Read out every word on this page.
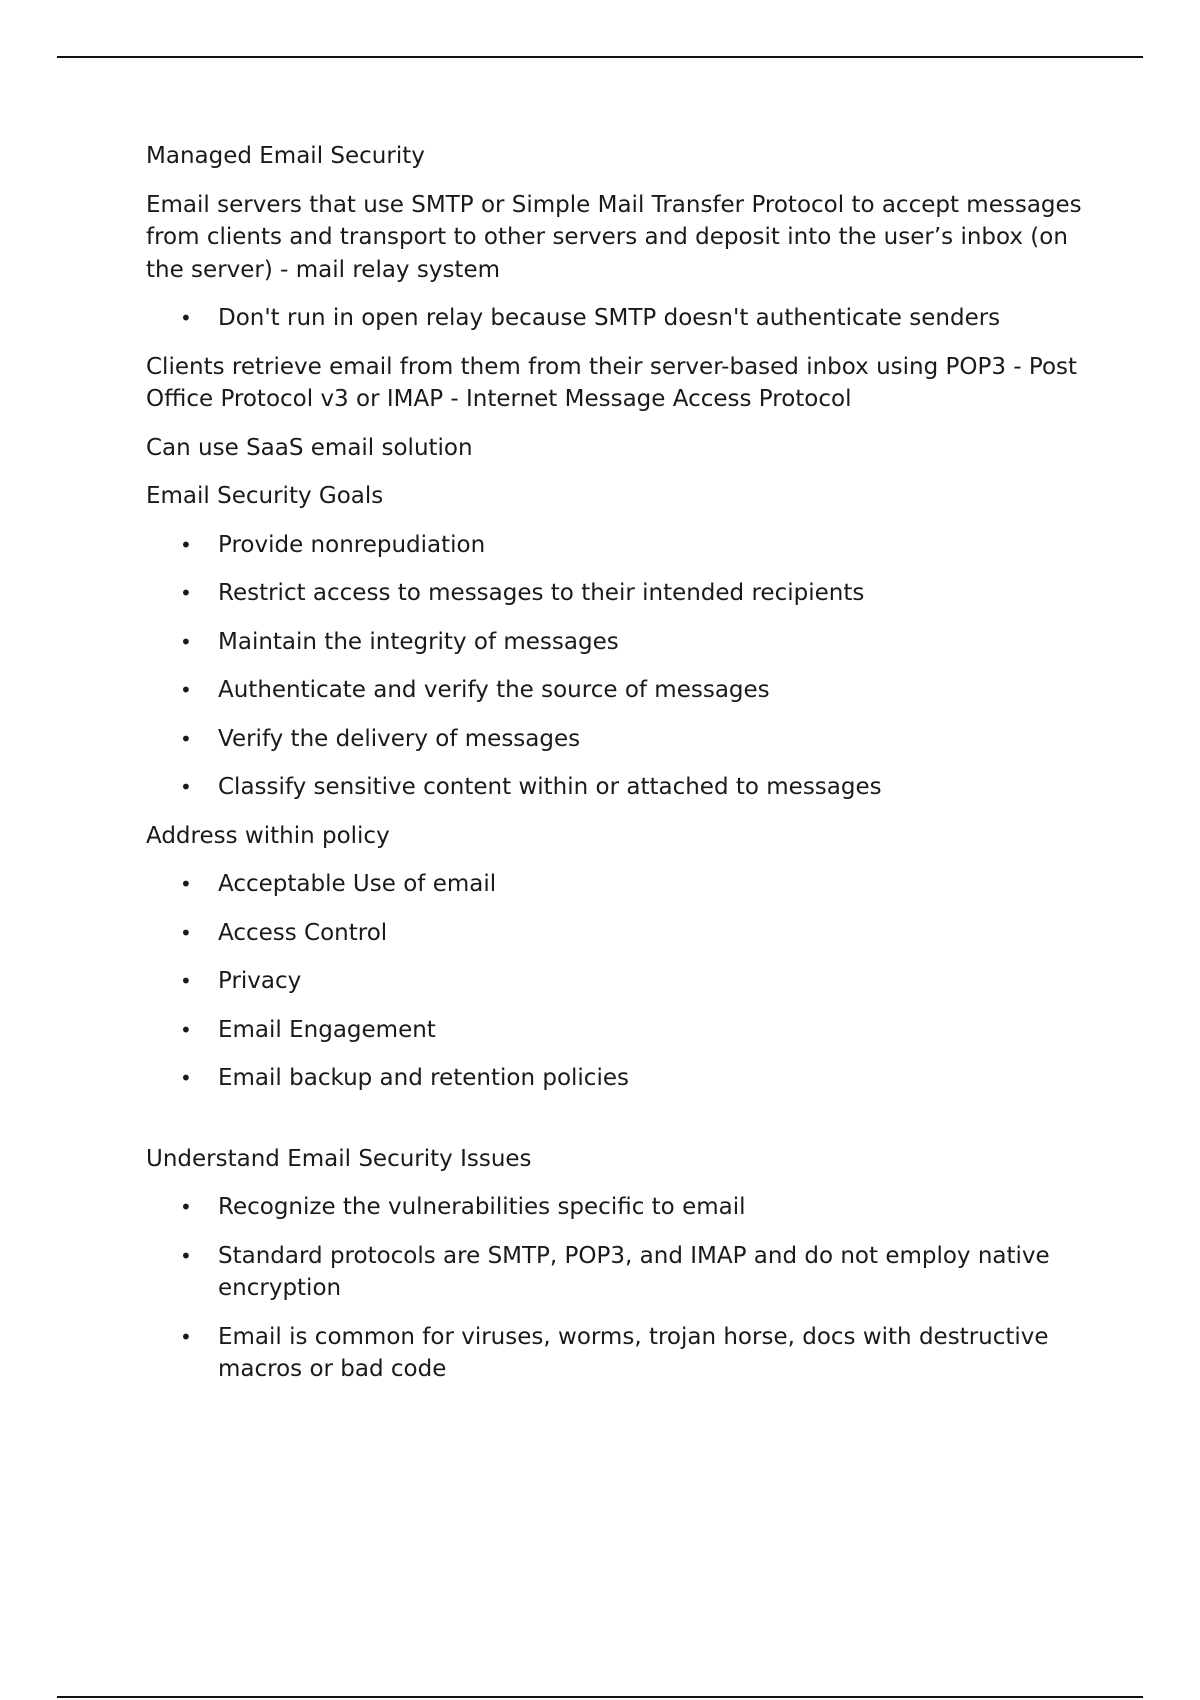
Managed Email Security

Email servers that use SMTP or Simple Mail Transfer Protocol to accept messages from clients and transport to other servers and deposit into the user’s inbox (on the server) - mail relay system

• Don't run in open relay because SMTP doesn't authenticate senders

Clients retrieve email from them from their server-based inbox using POP3 - Post Office Protocol v3 or IMAP - Internet Message Access Protocol

Can use SaaS email solution

Email Security Goals

• Provide nonrepudiation
• Restrict access to messages to their intended recipients
• Maintain the integrity of messages
• Authenticate and verify the source of messages
• Verify the delivery of messages
• Classify sensitive content within or attached to messages

Address within policy

• Acceptable Use of email
• Access Control
• Privacy
• Email Engagement
• Email backup and retention policies

Understand Email Security Issues

• Recognize the vulnerabilities specific to email
• Standard protocols are SMTP, POP3, and IMAP and do not employ native encryption
• Email is common for viruses, worms, trojan horse, docs with destructive macros or bad code
